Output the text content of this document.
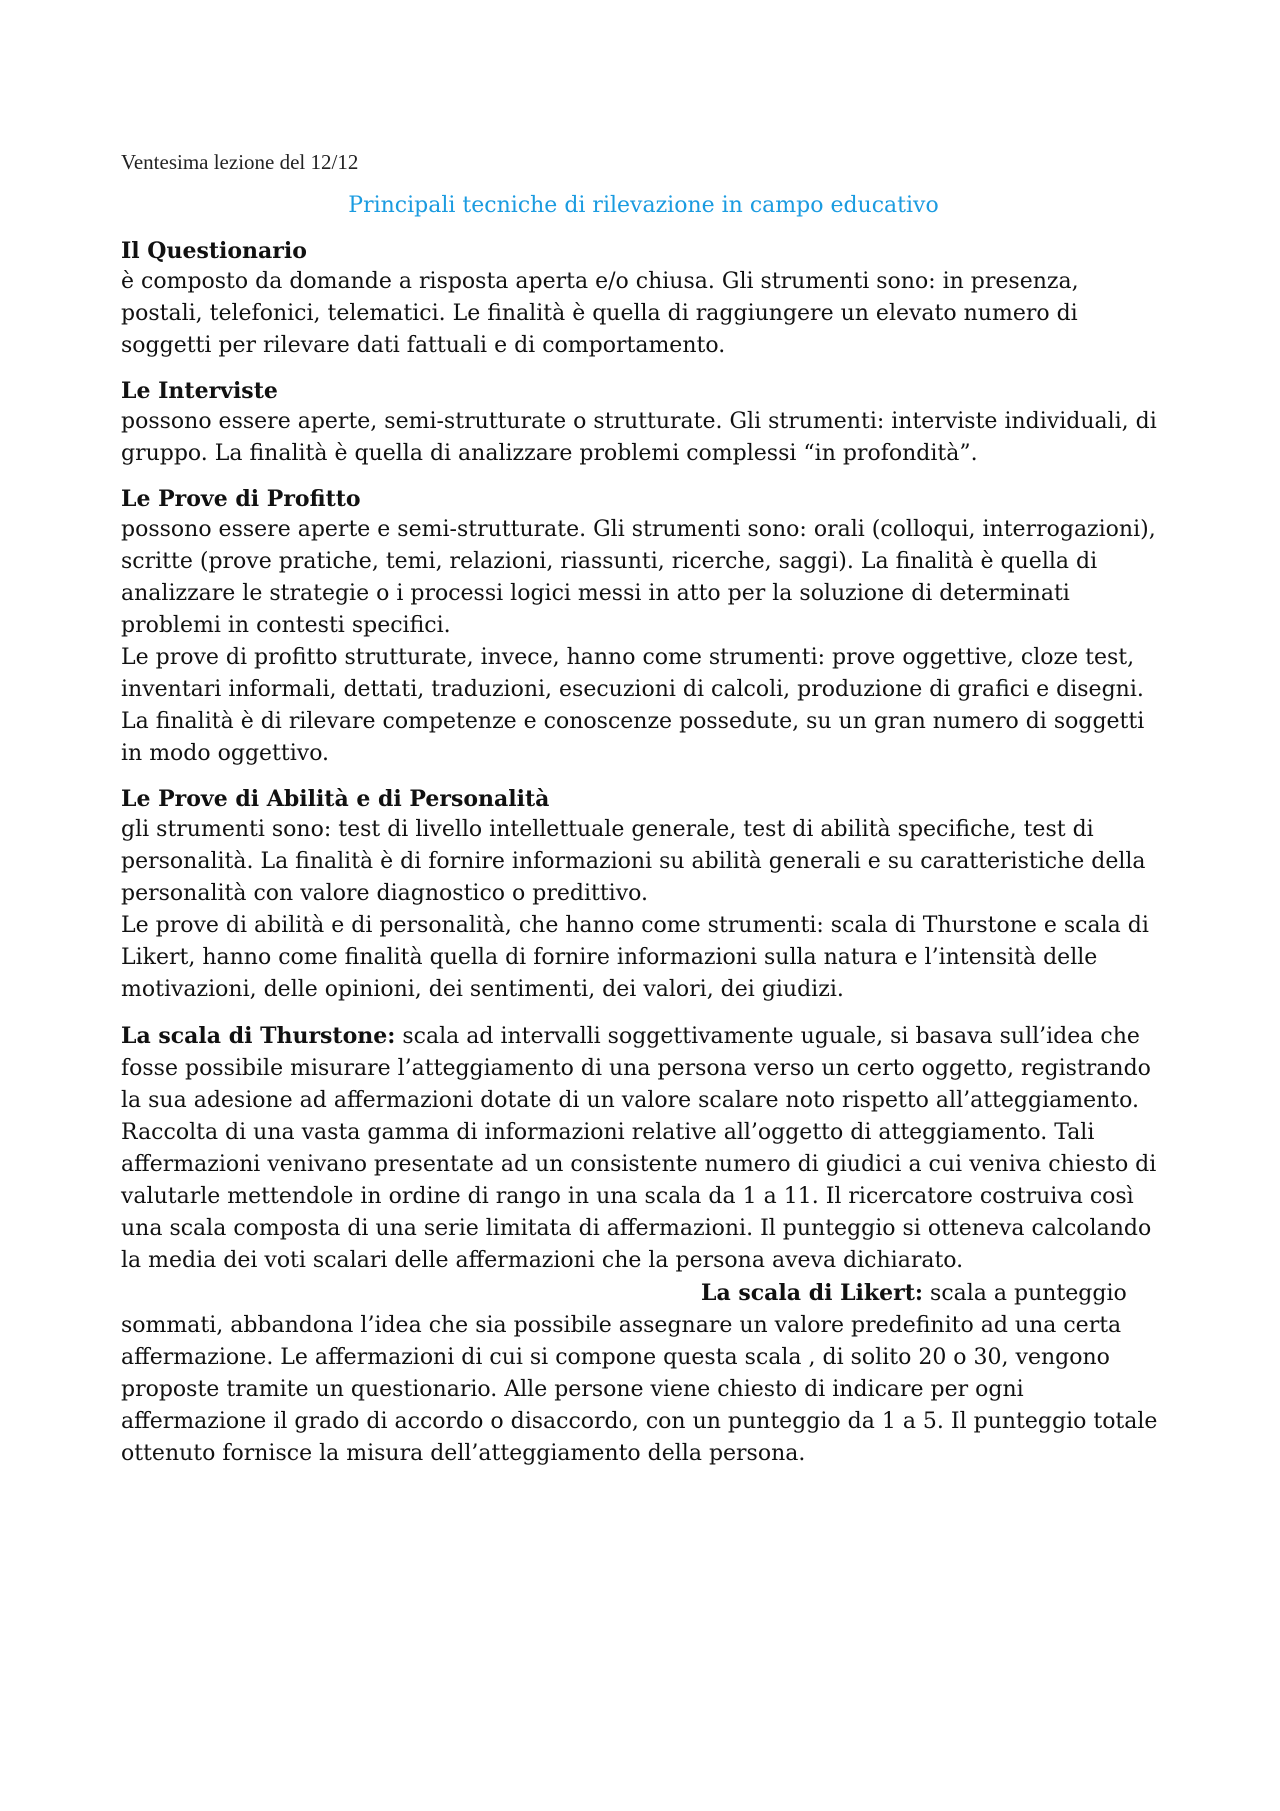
Ventesima lezione del 12/12

Principali tecniche di rilevazione in campo educativo

Il Questionario

è composto da domande a risposta aperta e/o chiusa. Gli strumenti sono: in presenza, postali, telefonici, telematici. Le finalità è quella di raggiungere un elevato numero di soggetti per rilevare dati fattuali e di comportamento.

Le Interviste

possono essere aperte, semi-strutturate o strutturate. Gli strumenti: interviste individuali, di gruppo. La finalità è quella di analizzare problemi complessi “in profondità”.

Le Prove di Profitto

possono essere aperte e semi-strutturate. Gli strumenti sono: orali (colloqui, interrogazioni), scritte (prove pratiche, temi, relazioni, riassunti, ricerche, saggi). La finalità è quella di analizzare le strategie o i processi logici messi in atto per la soluzione di determinati problemi in contesti specifici.

Le prove di profitto strutturate, invece, hanno come strumenti: prove oggettive, cloze test, inventari informali, dettati, traduzioni, esecuzioni di calcoli, produzione di grafici e disegni. La finalità è di rilevare competenze e conoscenze possedute, su un gran numero di soggetti in modo oggettivo.

Le Prove di Abilità e di Personalità

gli strumenti sono: test di livello intellettuale generale, test di abilità specifiche, test di personalità. La finalità è di fornire informazioni su abilità generali e su caratteristiche della personalità con valore diagnostico o predittivo.

Le prove di abilità e di personalità, che hanno come strumenti: scala di Thurstone e scala di Likert, hanno come finalità quella di fornire informazioni sulla natura e l’intensità delle motivazioni, delle opinioni, dei sentimenti, dei valori, dei giudizi.

La scala di Thurstone: scala ad intervalli soggettivamente uguale, si basava sull’idea che fosse possibile misurare l’atteggiamento di una persona verso un certo oggetto, registrando la sua adesione ad affermazioni dotate di un valore scalare noto rispetto all’atteggiamento.

Raccolta di una vasta gamma di informazioni relative all’oggetto di atteggiamento. Tali affermazioni venivano presentate ad un consistente numero di giudici a cui veniva chiesto di valutarle mettendole in ordine di rango in una scala da 1 a 11. Il ricercatore costruiva così una scala composta di una serie limitata di affermazioni. Il punteggio si otteneva calcolando la media dei voti scalari delle affermazioni che la persona aveva dichiarato.La scala di Likert: scala a punteggio sommati, abbandona l’idea che sia possibile assegnare un valore predefinito ad una certa affermazione. Le affermazioni di cui si compone questa scala , di solito 20 o 30, vengono proposte tramite un questionario. Alle persone viene chiesto di indicare per ogni affermazione il grado di accordo o disaccordo, con un punteggio da 1 a 5. Il punteggio totale ottenuto fornisce la misura dell’atteggiamento della persona.
